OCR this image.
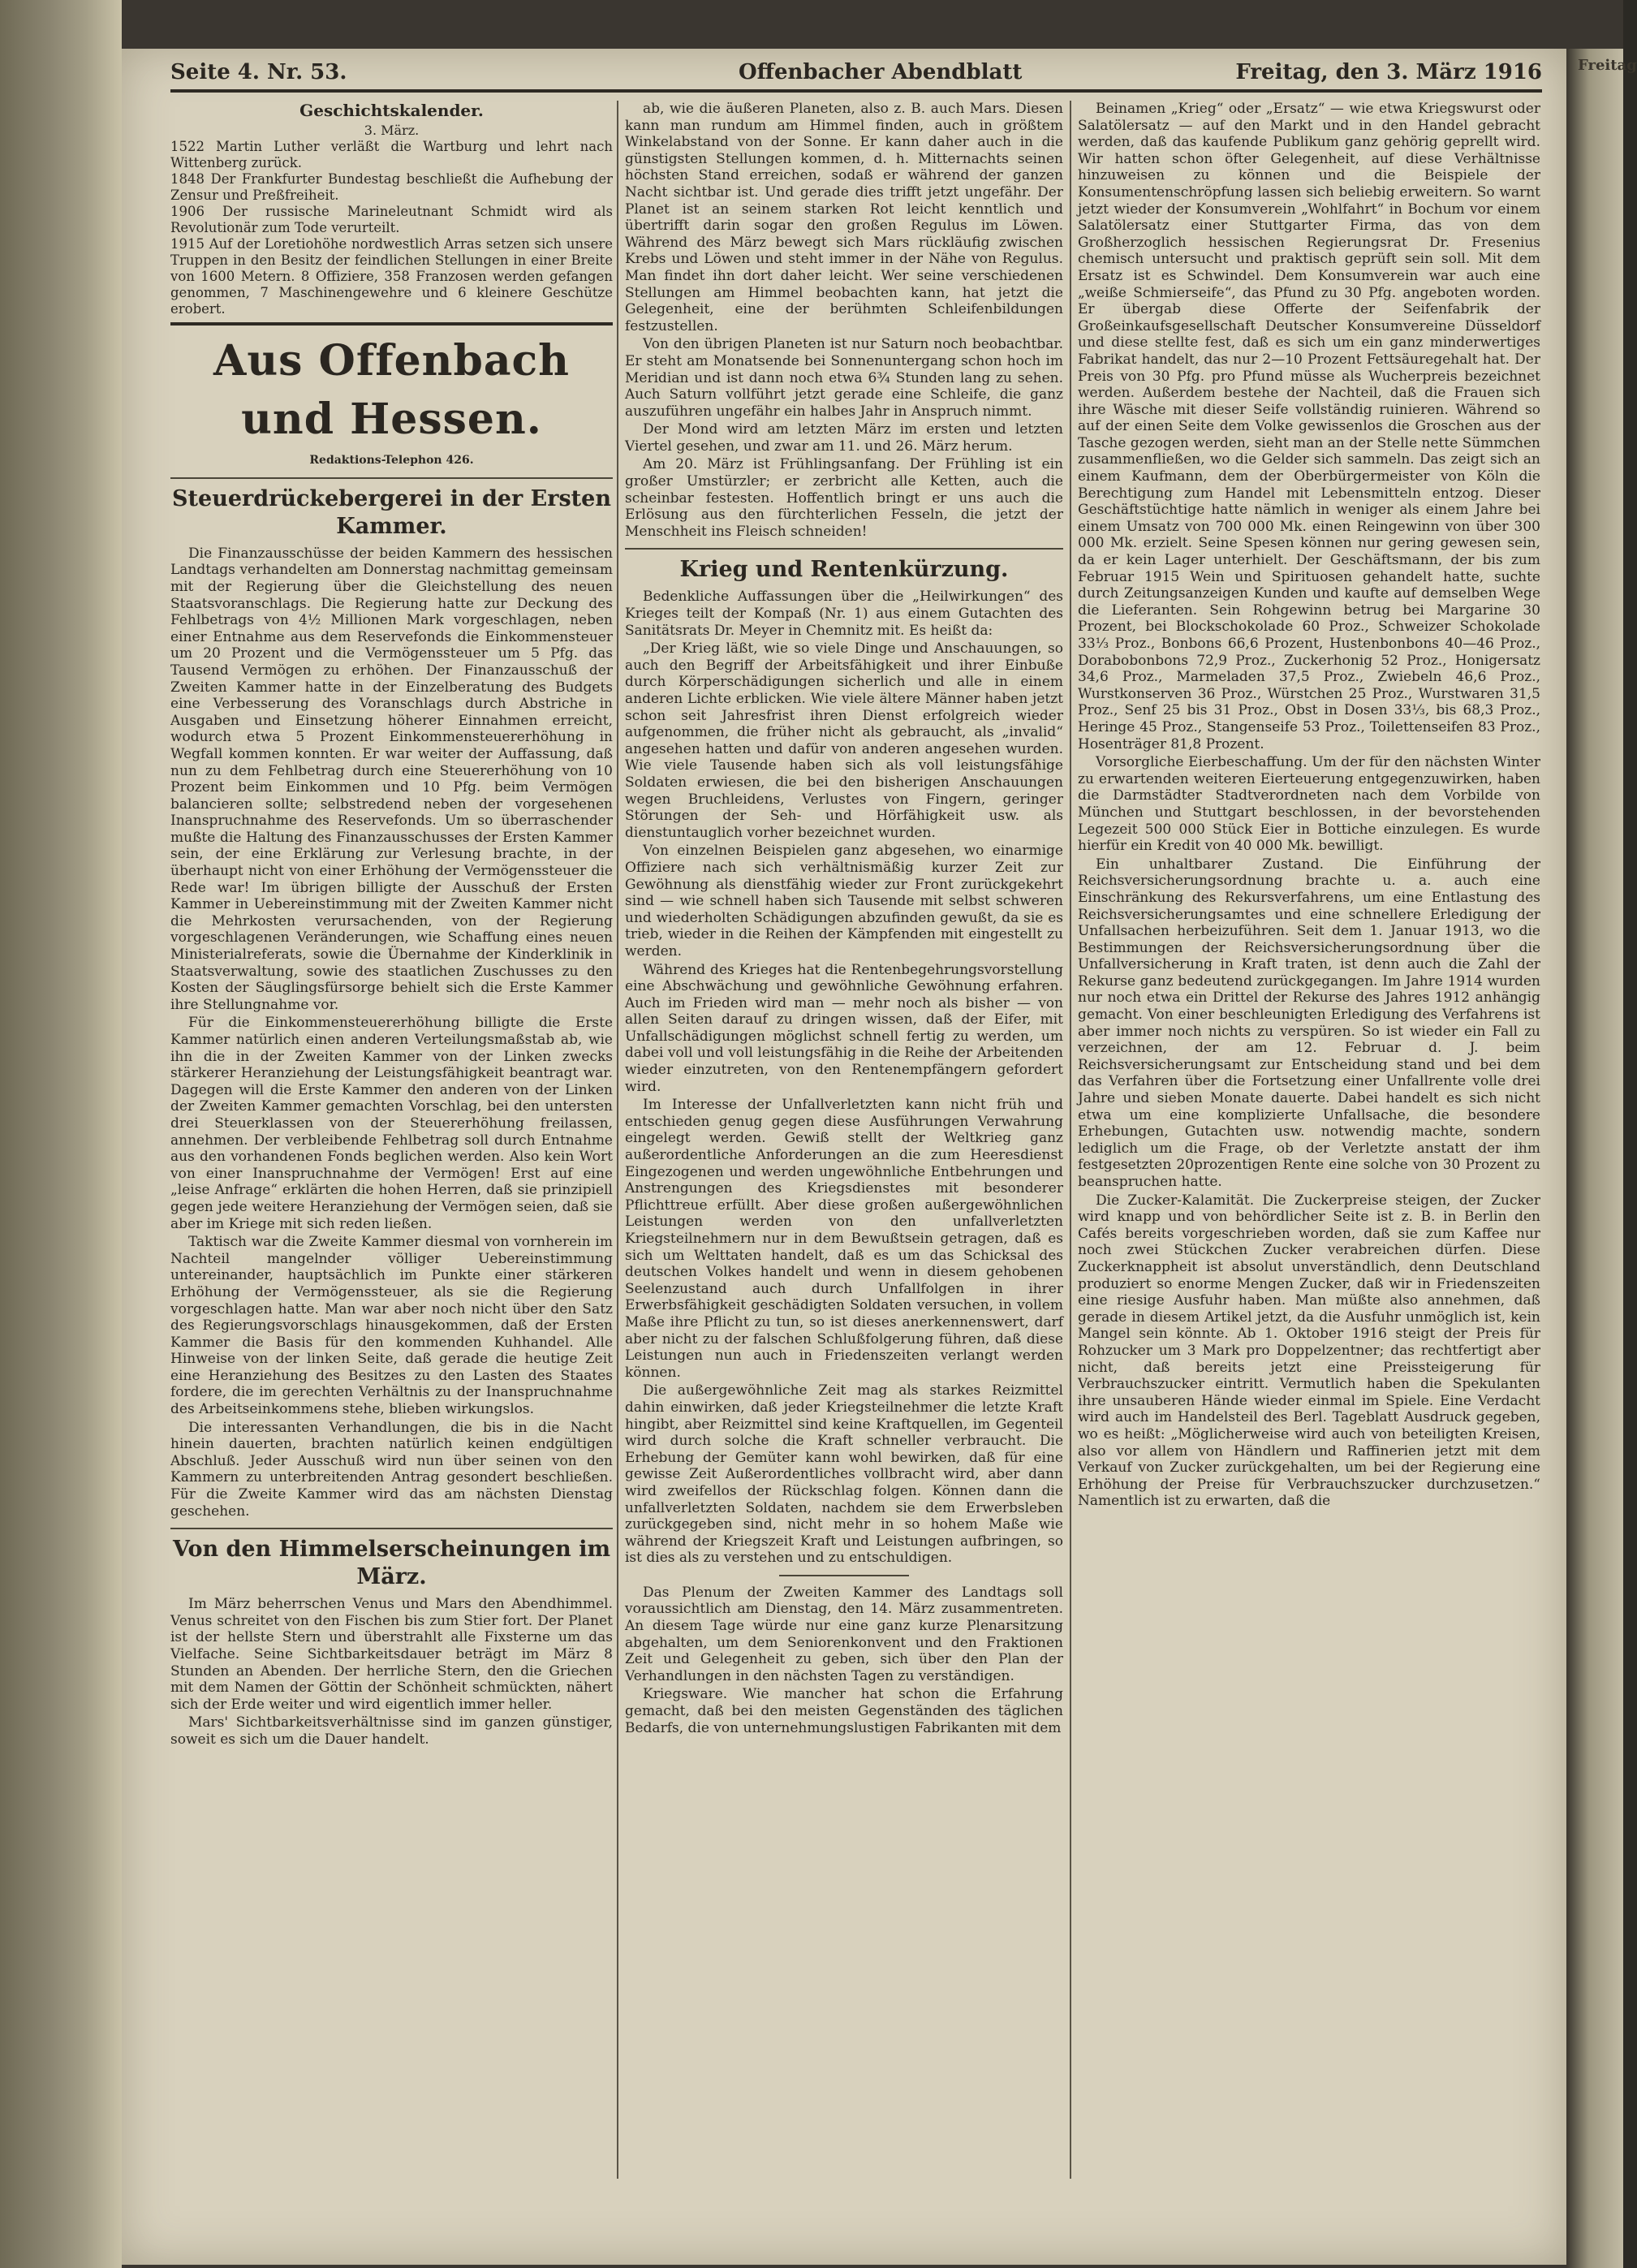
Freitag
Seite 4. Nr. 53.	Offenbacher Abendblatt	Freitag, den 3. März 1916
Geschichtskalender.
3. März.
1522 Martin Luther verläßt die Wartburg und lehrt nach Wittenberg zurück.
1848 Der Frankfurter Bundestag beschließt die Aufhebung der Zensur und Preßfreiheit.
1906 Der russische Marineleutnant Schmidt wird als Revolutionär zum Tode verurteilt.
1915 Auf der Loretiohöhe nordwestlich Arras setzen sich unsere Truppen in den Besitz der feindlichen Stellungen in einer Breite von 1600 Metern. 8 Offiziere, 358 Franzosen werden gefangen genommen, 7 Maschinengewehre und 6 kleinere Geschütze erobert.
Aus Offenbach und Hessen.
Redaktions-Telephon 426.
Steuerdrückebergerei in der Ersten Kammer.

Die Finanzausschüsse der beiden Kammern des hessischen Landtags verhandelten am Donnerstag nachmittag gemeinsam mit der Regierung über die Gleichstellung des neuen Staatsvoranschlags. Die Regierung hatte zur Deckung des Fehlbetrags von 4½ Millionen Mark vorgeschlagen, neben einer Entnahme aus dem Reservefonds die Einkommensteuer um 20 Prozent und die Vermögenssteuer um 5 Pfg. das Tausend Vermögen zu erhöhen. Der Finanzausschuß der Zweiten Kammer hatte in der Einzelberatung des Budgets eine Verbesserung des Voranschlags durch Abstriche in Ausgaben und Einsetzung höherer Einnahmen erreicht, wodurch etwa 5 Prozent Einkommensteuererhöhung in Wegfall kommen konnten. Er war weiter der Auffassung, daß nun zu dem Fehlbetrag durch eine Steuererhöhung von 10 Prozent beim Einkommen und 10 Pfg. beim Vermögen balancieren sollte; selbstredend neben der vorgesehenen Inanspruchnahme des Reservefonds. Um so überraschender mußte die Haltung des Finanzausschusses der Ersten Kammer sein, der eine Erklärung zur Verlesung brachte, in der überhaupt nicht von einer Erhöhung der Vermögenssteuer die Rede war! Im übrigen billigte der Ausschuß der Ersten Kammer in Uebereinstimmung mit der Zweiten Kammer nicht die Mehrkosten verursachenden, von der Regierung vorgeschlagenen Veränderungen, wie Schaffung eines neuen Ministerialreferats, sowie die Übernahme der Kinderklinik in Staatsverwaltung, sowie des staatlichen Zuschusses zu den Kosten der Säuglingsfürsorge behielt sich die Erste Kammer ihre Stellungnahme vor.

Für die Einkommensteuererhöhung billigte die Erste Kammer natürlich einen anderen Verteilungsmaßstab ab, wie ihn die in der Zweiten Kammer von der Linken zwecks stärkerer Heranziehung der Leistungsfähigkeit beantragt war. Dagegen will die Erste Kammer den anderen von der Linken der Zweiten Kammer gemachten Vorschlag, bei den untersten drei Steuerklassen von der Steuererhöhung freilassen, annehmen. Der verbleibende Fehlbetrag soll durch Entnahme aus den vorhandenen Fonds beglichen werden. Also kein Wort von einer Inanspruchnahme der Vermögen! Erst auf eine „leise Anfrage“ erklärten die hohen Herren, daß sie prinzipiell gegen jede weitere Heranziehung der Vermögen seien, daß sie aber im Kriege mit sich reden ließen.

Taktisch war die Zweite Kammer diesmal von vornherein im Nachteil mangelnder völliger Uebereinstimmung untereinander, hauptsächlich im Punkte einer stärkeren Erhöhung der Vermögenssteuer, als sie die Regierung vorgeschlagen hatte. Man war aber noch nicht über den Satz des Regierungsvorschlags hinausgekommen, daß der Ersten Kammer die Basis für den kommenden Kuhhandel. Alle Hinweise von der linken Seite, daß gerade die heutige Zeit eine Heranziehung des Besitzes zu den Lasten des Staates fordere, die im gerechten Verhältnis zu der Inanspruchnahme des Arbeitseinkommens stehe, blieben wirkungslos.

Die interessanten Verhandlungen, die bis in die Nacht hinein dauerten, brachten natürlich keinen endgültigen Abschluß. Jeder Ausschuß wird nun über seinen von den Kammern zu unterbreitenden Antrag gesondert beschließen. Für die Zweite Kammer wird das am nächsten Dienstag geschehen.

Von den Himmelserscheinungen im März.

Im März beherrschen Venus und Mars den Abendhimmel. Venus schreitet von den Fischen bis zum Stier fort. Der Planet ist der hellste Stern und überstrahlt alle Fixsterne um das Vielfache. Seine Sichtbarkeitsdauer beträgt im März 8 Stunden an Abenden. Der herrliche Stern, den die Griechen mit dem Namen der Göttin der Schönheit schmückten, nähert sich der Erde weiter und wird eigentlich immer heller.

Mars' Sichtbarkeitsverhältnisse sind im ganzen günstiger, soweit es sich um die Dauer handelt.

ab, wie die äußeren Planeten, also z. B. auch Mars. Diesen kann man rundum am Himmel finden, auch in größtem Winkelabstand von der Sonne. Er kann daher auch in die günstigsten Stellungen kommen, d. h. Mitternachts seinen höchsten Stand erreichen, sodaß er während der ganzen Nacht sichtbar ist. Und gerade dies trifft jetzt ungefähr. Der Planet ist an seinem starken Rot leicht kenntlich und übertrifft darin sogar den großen Regulus im Löwen. Während des März bewegt sich Mars rückläufig zwischen Krebs und Löwen und steht immer in der Nähe von Regulus. Man findet ihn dort daher leicht. Wer seine verschiedenen Stellungen am Himmel beobachten kann, hat jetzt die Gelegenheit, eine der berühmten Schleifenbildungen festzustellen.

Von den übrigen Planeten ist nur Saturn noch beobachtbar. Er steht am Monatsende bei Sonnenuntergang schon hoch im Meridian und ist dann noch etwa 6¾ Stunden lang zu sehen. Auch Saturn vollführt jetzt gerade eine Schleife, die ganz auszuführen ungefähr ein halbes Jahr in Anspruch nimmt.

Der Mond wird am letzten März im ersten und letzten Viertel gesehen, und zwar am 11. und 26. März herum.

Am 20. März ist Frühlingsanfang. Der Frühling ist ein großer Umstürzler; er zerbricht alle Ketten, auch die scheinbar festesten. Hoffentlich bringt er uns auch die Erlösung aus den fürchterlichen Fesseln, die jetzt der Menschheit ins Fleisch schneiden!

Krieg und Rentenkürzung.

Bedenkliche Auffassungen über die „Heilwirkungen“ des Krieges teilt der Kompaß (Nr. 1) aus einem Gutachten des Sanitätsrats Dr. Meyer in Chemnitz mit. Es heißt da:

„Der Krieg läßt, wie so viele Dinge und Anschauungen, so auch den Begriff der Arbeitsfähigkeit und ihrer Einbuße durch Körperschädigungen sicherlich und alle in einem anderen Lichte erblicken. Wie viele ältere Männer haben jetzt schon seit Jahresfrist ihren Dienst erfolgreich wieder aufgenommen, die früher nicht als gebraucht, als „invalid“ angesehen hatten und dafür von anderen angesehen wurden. Wie viele Tausende haben sich als voll leistungsfähige Soldaten erwiesen, die bei den bisherigen Anschauungen wegen Bruchleidens, Verlustes von Fingern, geringer Störungen der Seh- und Hörfähigkeit usw. als dienstuntauglich vorher bezeichnet wurden.

Von einzelnen Beispielen ganz abgesehen, wo einarmige Offiziere nach sich verhältnismäßig kurzer Zeit zur Gewöhnung als dienstfähig wieder zur Front zurückgekehrt sind — wie schnell haben sich Tausende mit selbst schweren und wiederholten Schädigungen abzufinden gewußt, da sie es trieb, wieder in die Reihen der Kämpfenden mit eingestellt zu werden.

Während des Krieges hat die Rentenbegehrungsvorstellung eine Abschwächung und gewöhnliche Gewöhnung erfahren. Auch im Frieden wird man — mehr noch als bisher — von allen Seiten darauf zu dringen wissen, daß der Eifer, mit Unfallschädigungen möglichst schnell fertig zu werden, um dabei voll und voll leistungsfähig in die Reihe der Arbeitenden wieder einzutreten, von den Rentenempfängern gefordert wird.

Im Interesse der Unfallverletzten kann nicht früh und entschieden genug gegen diese Ausführungen Verwahrung eingelegt werden. Gewiß stellt der Weltkrieg ganz außerordentliche Anforderungen an die zum Heeresdienst Eingezogenen und werden ungewöhnliche Entbehrungen und Anstrengungen des Kriegsdienstes mit besonderer Pflichttreue erfüllt. Aber diese großen außergewöhnlichen Leistungen werden von den unfallverletzten Kriegsteilnehmern nur in dem Bewußtsein getragen, daß es sich um Welttaten handelt, daß es um das Schicksal des deutschen Volkes handelt und wenn in diesem gehobenen Seelenzustand auch durch Unfallfolgen in ihrer Erwerbsfähigkeit geschädigten Soldaten versuchen, in vollem Maße ihre Pflicht zu tun, so ist dieses anerkennenswert, darf aber nicht zu der falschen Schlußfolgerung führen, daß diese Leistungen nun auch in Friedenszeiten verlangt werden können.

Die außergewöhnliche Zeit mag als starkes Reizmittel dahin einwirken, daß jeder Kriegsteilnehmer die letzte Kraft hingibt, aber Reizmittel sind keine Kraftquellen, im Gegenteil wird durch solche die Kraft schneller verbraucht. Die Erhebung der Gemüter kann wohl bewirken, daß für eine gewisse Zeit Außerordentliches vollbracht wird, aber dann wird zweifellos der Rückschlag folgen. Können dann die unfallverletzten Soldaten, nachdem sie dem Erwerbsleben zurückgegeben sind, nicht mehr in so hohem Maße wie während der Kriegszeit Kraft und Leistungen aufbringen, so ist dies als zu verstehen und zu entschuldigen.

Das Plenum der Zweiten Kammer des Landtags soll voraussichtlich am Dienstag, den 14. März zusammentreten. An diesem Tage würde nur eine ganz kurze Plenarsitzung abgehalten, um dem Seniorenkonvent und den Fraktionen Zeit und Gelegenheit zu geben, sich über den Plan der Verhandlungen in den nächsten Tagen zu verständigen.

Kriegsware. Wie mancher hat schon die Erfahrung gemacht, daß bei den meisten Gegenständen des täglichen Bedarfs, die von unternehmungslustigen Fabrikanten mit dem

Beinamen „Krieg“ oder „Ersatz“ — wie etwa Kriegswurst oder Salatölersatz — auf den Markt und in den Handel gebracht werden, daß das kaufende Publikum ganz gehörig geprellt wird. Wir hatten schon öfter Gelegenheit, auf diese Verhältnisse hinzuweisen zu können und die Beispiele der Konsumentenschröpfung lassen sich beliebig erweitern. So warnt jetzt wieder der Konsumverein „Wohlfahrt“ in Bochum vor einem Salatölersatz einer Stuttgarter Firma, das von dem Großherzoglich hessischen Regierungsrat Dr. Fresenius chemisch untersucht und praktisch geprüft sein soll. Mit dem Ersatz ist es Schwindel. Dem Konsumverein war auch eine „weiße Schmierseife“, das Pfund zu 30 Pfg. angeboten worden. Er übergab diese Offerte der Seifenfabrik der Großeinkaufsgesellschaft Deutscher Konsumvereine Düsseldorf und diese stellte fest, daß es sich um ein ganz minderwertiges Fabrikat handelt, das nur 2—10 Prozent Fettsäuregehalt hat. Der Preis von 30 Pfg. pro Pfund müsse als Wucherpreis bezeichnet werden. Außerdem bestehe der Nachteil, daß die Frauen sich ihre Wäsche mit dieser Seife vollständig ruinieren. Während so auf der einen Seite dem Volke gewissenlos die Groschen aus der Tasche gezogen werden, sieht man an der Stelle nette Sümmchen zusammenfließen, wo die Gelder sich sammeln. Das zeigt sich an einem Kaufmann, dem der Oberbürgermeister von Köln die Berechtigung zum Handel mit Lebensmitteln entzog. Dieser Geschäftstüchtige hatte nämlich in weniger als einem Jahre bei einem Umsatz von 700 000 Mk. einen Reingewinn von über 300 000 Mk. erzielt. Seine Spesen können nur gering gewesen sein, da er kein Lager unterhielt. Der Geschäftsmann, der bis zum Februar 1915 Wein und Spirituosen gehandelt hatte, suchte durch Zeitungsanzeigen Kunden und kaufte auf demselben Wege die Lieferanten. Sein Rohgewinn betrug bei Margarine 30 Prozent, bei Blockschokolade 60 Proz., Schweizer Schokolade 33⅓ Proz., Bonbons 66,6 Prozent, Hustenbonbons 40—46 Proz., Dorabobonbons 72,9 Proz., Zuckerhonig 52 Proz., Honigersatz 34,6 Proz., Marmeladen 37,5 Proz., Zwiebeln 46,6 Proz., Wurstkonserven 36 Proz., Würstchen 25 Proz., Wurstwaren 31,5 Proz., Senf 25 bis 31 Proz., Obst in Dosen 33⅓, bis 68,3 Proz., Heringe 45 Proz., Stangenseife 53 Proz., Toilettenseifen 83 Proz., Hosenträger 81,8 Prozent.

Vorsorgliche Eierbeschaffung. Um der für den nächsten Winter zu erwartenden weiteren Eierteuerung entgegenzuwirken, haben die Darmstädter Stadtverordneten nach dem Vorbilde von München und Stuttgart beschlossen, in der bevorstehenden Legezeit 500 000 Stück Eier in Bottiche einzulegen. Es wurde hierfür ein Kredit von 40 000 Mk. bewilligt.

Ein unhaltbarer Zustand. Die Einführung der Reichsversicherungsordnung brachte u. a. auch eine Einschränkung des Rekursverfahrens, um eine Entlastung des Reichsversicherungsamtes und eine schnellere Erledigung der Unfallsachen herbeizuführen. Seit dem 1. Januar 1913, wo die Bestimmungen der Reichsversicherungsordnung über die Unfallversicherung in Kraft traten, ist denn auch die Zahl der Rekurse ganz bedeutend zurückgegangen. Im Jahre 1914 wurden nur noch etwa ein Drittel der Rekurse des Jahres 1912 anhängig gemacht. Von einer beschleunigten Erledigung des Verfahrens ist aber immer noch nichts zu verspüren. So ist wieder ein Fall zu verzeichnen, der am 12. Februar d. J. beim Reichsversicherungsamt zur Entscheidung stand und bei dem das Verfahren über die Fortsetzung einer Unfallrente volle drei Jahre und sieben Monate dauerte. Dabei handelt es sich nicht etwa um eine komplizierte Unfallsache, die besondere Erhebungen, Gutachten usw. notwendig machte, sondern lediglich um die Frage, ob der Verletzte anstatt der ihm festgesetzten 20prozentigen Rente eine solche von 30 Prozent zu beanspruchen hatte.

Die Zucker-Kalamität. Die Zuckerpreise steigen, der Zucker wird knapp und von behördlicher Seite ist z. B. in Berlin den Cafés bereits vorgeschrieben worden, daß sie zum Kaffee nur noch zwei Stückchen Zucker verabreichen dürfen. Diese Zuckerknappheit ist absolut unverständlich, denn Deutschland produziert so enorme Mengen Zucker, daß wir in Friedenszeiten eine riesige Ausfuhr haben. Man müßte also annehmen, daß gerade in diesem Artikel jetzt, da die Ausfuhr unmöglich ist, kein Mangel sein könnte. Ab 1. Oktober 1916 steigt der Preis für Rohzucker um 3 Mark pro Doppelzentner; das rechtfertigt aber nicht, daß bereits jetzt eine Preissteigerung für Verbrauchszucker eintritt. Vermutlich haben die Spekulanten ihre unsauberen Hände wieder einmal im Spiele. Eine Verdacht wird auch im Handelsteil des Berl. Tageblatt Ausdruck gegeben, wo es heißt: „Möglicherweise wird auch von beteiligten Kreisen, also vor allem von Händlern und Raffinerien jetzt mit dem Verkauf von Zucker zurückgehalten, um bei der Regierung eine Erhöhung der Preise für Verbrauchszucker durchzusetzen.“ Namentlich ist zu erwarten, daß die
